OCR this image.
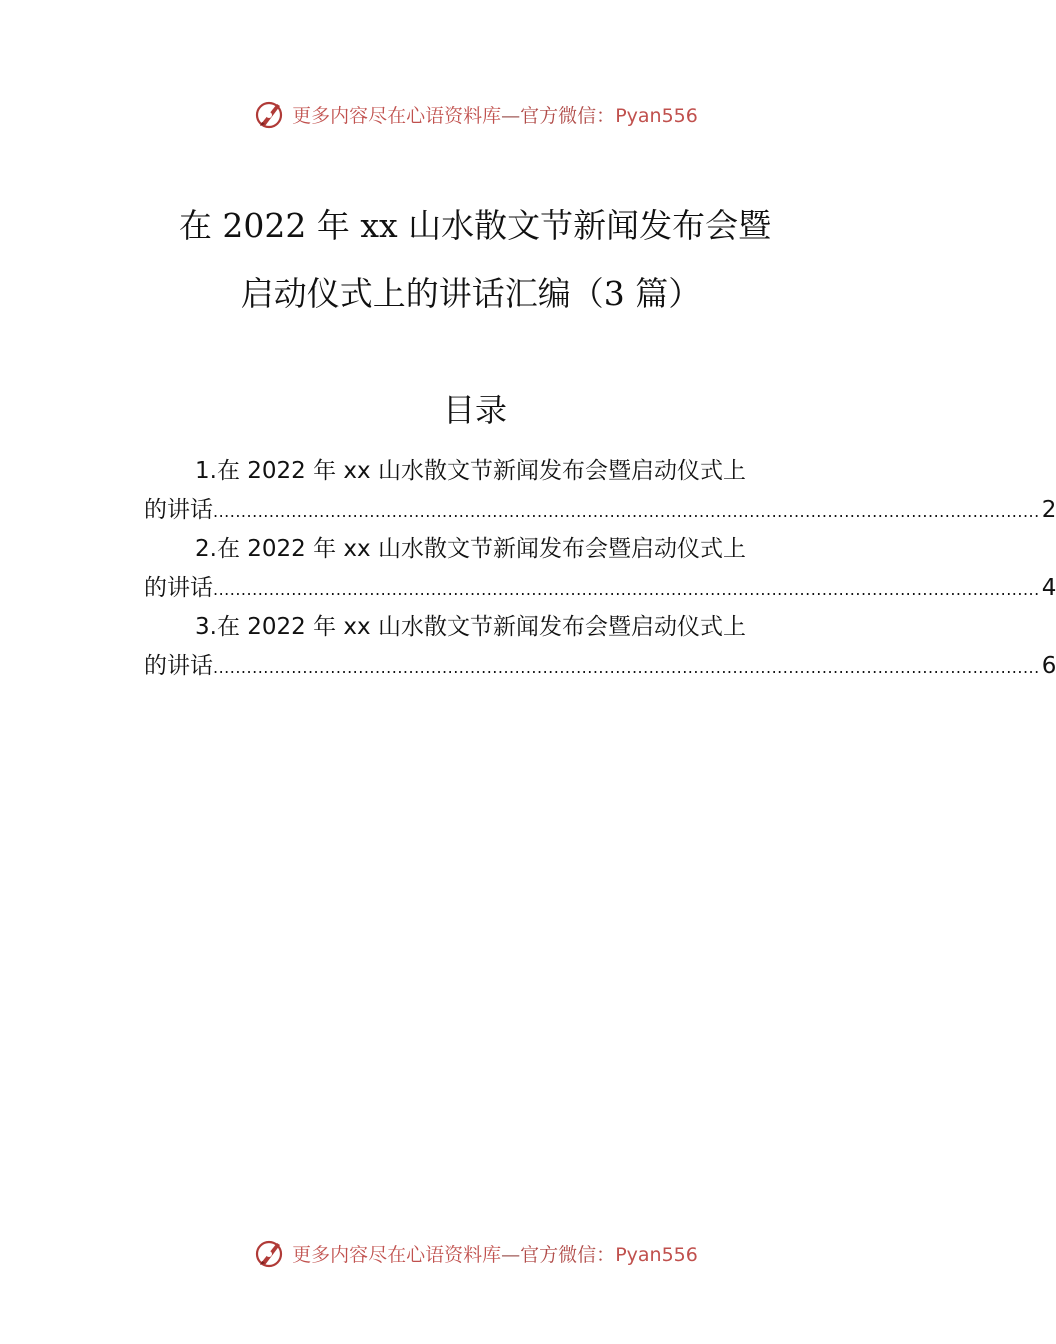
更多内容尽在心语资料库—官方微信：Pyan556
在 2022 年 xx 山水散文节新闻发布会暨
启动仪式上的讲话汇编（3 篇）
目录
1.在 2022 年 xx 山水散文节新闻发布会暨启动仪式上
的讲话 .................................................................................................................................................... 2
2.在 2022 年 xx 山水散文节新闻发布会暨启动仪式上
的讲话 .................................................................................................................................................... 4
3.在 2022 年 xx 山水散文节新闻发布会暨启动仪式上
的讲话 .................................................................................................................................................... 6
更多内容尽在心语资料库—官方微信：Pyan556
